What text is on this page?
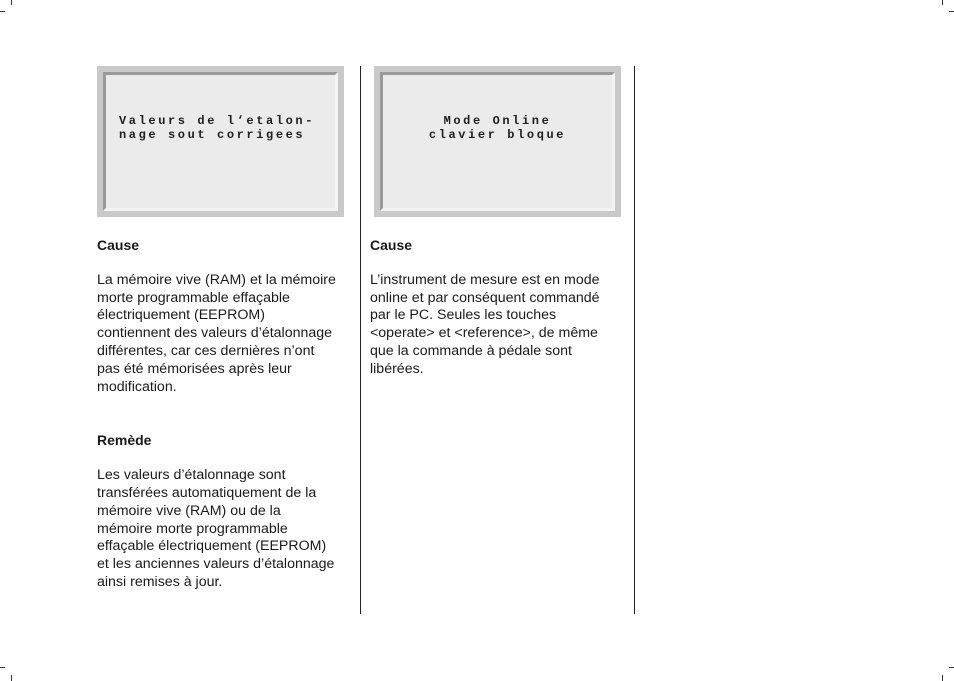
Valeurs de l‘etalon-
nage sout corrigees
Mode Online
clavier bloque

Cause

La mémoire vive (RAM) et la mémoire morte programmable effaçable électriquement (EEPROM) contiennent des valeurs d’étalonnage différentes, car ces dernières n’ont pas été mémorisées après leur modification.

Remède

Les valeurs d’étalonnage sont transférées automatiquement de la mémoire vive (RAM) ou de la mémoire morte programmable effaçable électriquement (EEPROM) et les anciennes valeurs d’étalonnage ainsi remises à jour.

Cause

L’instrument de mesure est en mode online et par conséquent commandé par le PC. Seules les touches <operate> et <reference>, de même que la commande à pédale sont libérées.
